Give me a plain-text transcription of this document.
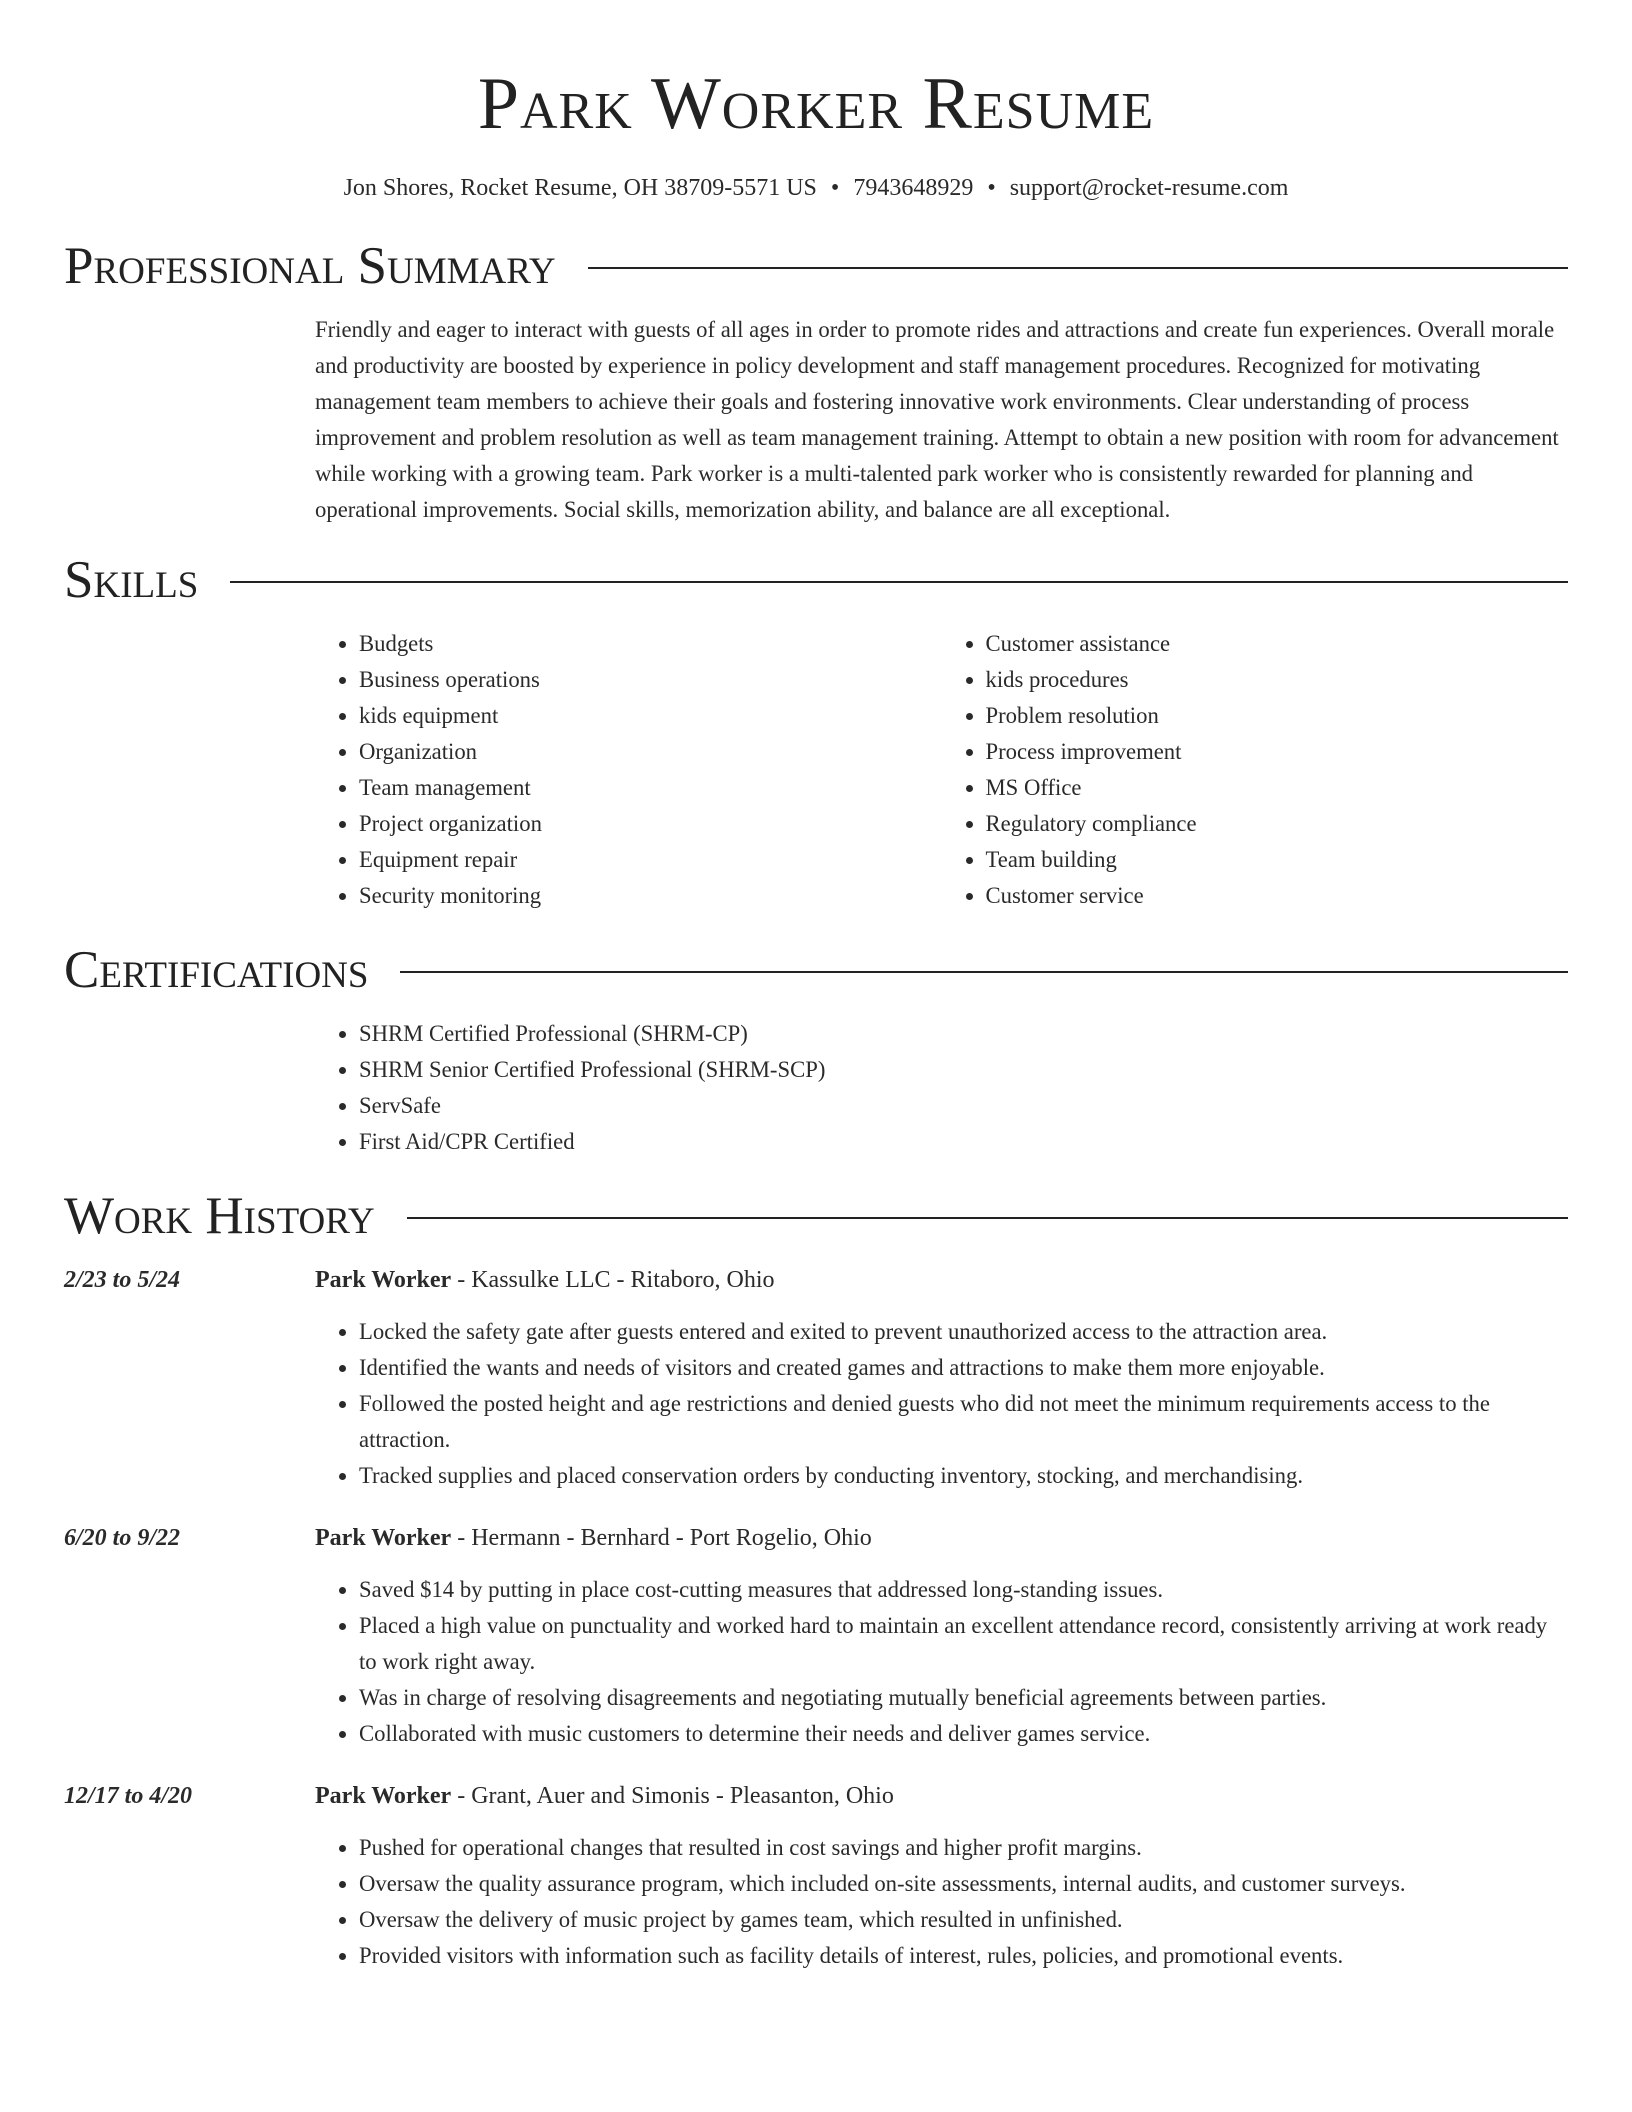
Park Worker Resume
Jon Shores, Rocket Resume, OH 38709-5571 US • 7943648929 • support@rocket-resume.com
Professional Summary

Friendly and eager to interact with guests of all ages in order to promote rides and attractions and create fun experiences. Overall morale and productivity are boosted by experience in policy development and staff management procedures. Recognized for motivating management team members to achieve their goals and fostering innovative work environments. Clear understanding of process improvement and problem resolution as well as team management training. Attempt to obtain a new position with room for advancement while working with a growing team. Park worker is a multi-talented park worker who is consistently rewarded for planning and operational improvements. Social skills, memorization ability, and balance are all exceptional.

Skills
• Budgets
• Business operations
• kids equipment
• Organization
• Team management
• Project organization
• Equipment repair
• Security monitoring
• Customer assistance
• kids procedures
• Problem resolution
• Process improvement
• MS Office
• Regulatory compliance
• Team building
• Customer service
Certifications
• SHRM Certified Professional (SHRM-CP)
• SHRM Senior Certified Professional (SHRM-SCP)
• ServSafe
• First Aid/CPR Certified
Work History
2/23 to 5/24	Park Worker - Kassulke LLC - Ritaboro, Ohio
• Locked the safety gate after guests entered and exited to prevent unauthorized access to the attraction area.
• Identified the wants and needs of visitors and created games and attractions to make them more enjoyable.
• Followed the posted height and age restrictions and denied guests who did not meet the minimum requirements access to the attraction.
• Tracked supplies and placed conservation orders by conducting inventory, stocking, and merchandising.
6/20 to 9/22	Park Worker - Hermann - Bernhard - Port Rogelio, Ohio
• Saved $14 by putting in place cost-cutting measures that addressed long-standing issues.
• Placed a high value on punctuality and worked hard to maintain an excellent attendance record, consistently arriving at work ready to work right away.
• Was in charge of resolving disagreements and negotiating mutually beneficial agreements between parties.
• Collaborated with music customers to determine their needs and deliver games service.
12/17 to 4/20	Park Worker - Grant, Auer and Simonis - Pleasanton, Ohio
• Pushed for operational changes that resulted in cost savings and higher profit margins.
• Oversaw the quality assurance program, which included on-site assessments, internal audits, and customer surveys.
• Oversaw the delivery of music project by games team, which resulted in unfinished.
• Provided visitors with information such as facility details of interest, rules, policies, and promotional events.
